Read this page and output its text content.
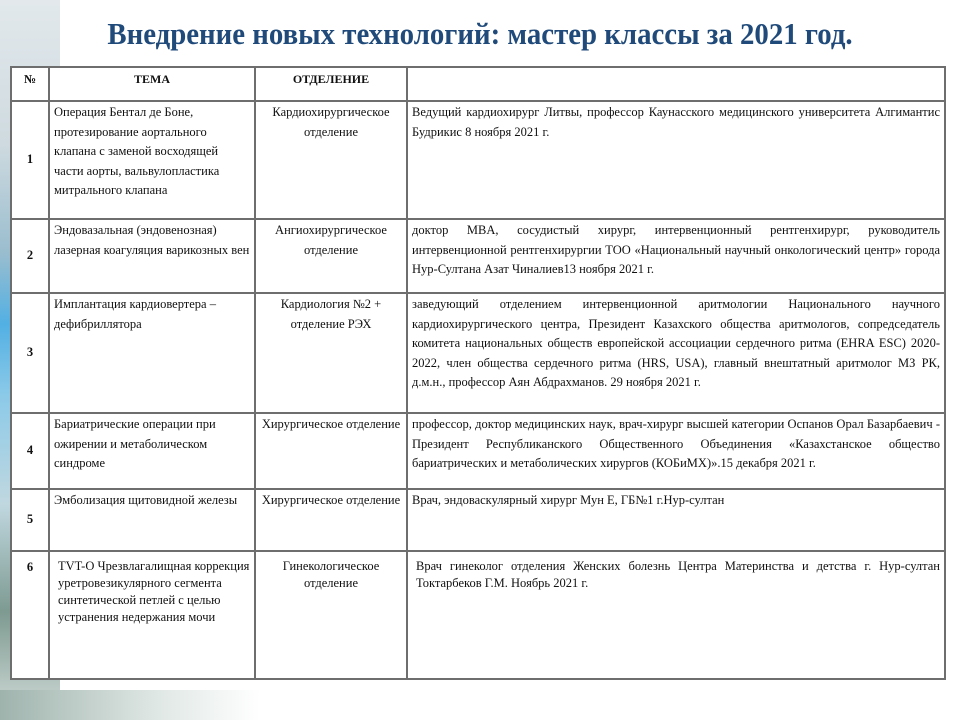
Внедрение новых технологий: мастер классы за 2021 год.
№	ТЕМА	ОТДЕЛЕНИЕ	
1	Операция Бентал де Боне, протезирование аортального клапана с заменой восходящей части аорты, вальвулопластика митрального клапана	Кардиохирургическое отделение	Ведущий кардиохирург Литвы, профессор Каунасского медицинского университета Алгимантис Будрикис 8 ноября 2021 г.
2	Эндовазальная (эндовенозная) лазерная коагуляция варикозных вен	Ангиохирургическое отделение	доктор MBA, сосудистый хирург, интервенционный рентгенхирург, руководитель интервенционной рентгенхирургии ТОО «Национальный научный онкологический центр» города Нур-Султана Азат Чиналиев13 ноября 2021 г.
3	Имплантация кардиовертера – дефибриллятора	Кардиология №2 + отделение РЭХ	заведующий отделением интервенционной аритмологии Национального научного кардиохирургического центра, Президент Казахского общества аритмологов, сопредседатель комитета национальных обществ европейской ассоциации сердечного ритма (EHRA ESC) 2020-2022, член общества сердечного ритма (HRS, USA), главный внештатный аритмолог МЗ РК, д.м.н., профессор Аян Абдрахманов. 29 ноября 2021 г.
4	Бариатрические операции при ожирении и метаболическом синдроме	Хирургическое отделение	профессор, доктор медицинских наук, врач-хирург высшей категории Оспанов Орал Базарбаевич - Президент Республиканского Общественного Объединения «Казахстанское общество бариатрических и метаболических хирургов (КОБиМХ)».15 декабря 2021 г.
5	Эмболизация щитовидной железы	Хирургическое отделение	Врач, эндоваскулярный хирург Мун Е, ГБ№1 г.Нур-султан
6	TVT-O Чрезвлагалищная коррекция уретровезикулярного сегмента синтетической петлей с целью устранения недержания мочи	Гинекологическое отделение	Врач гинеколог отделения Женских болезнь Центра Материнства и детства г. Нур-султан Токтарбеков Г.М. Ноябрь 2021 г.
